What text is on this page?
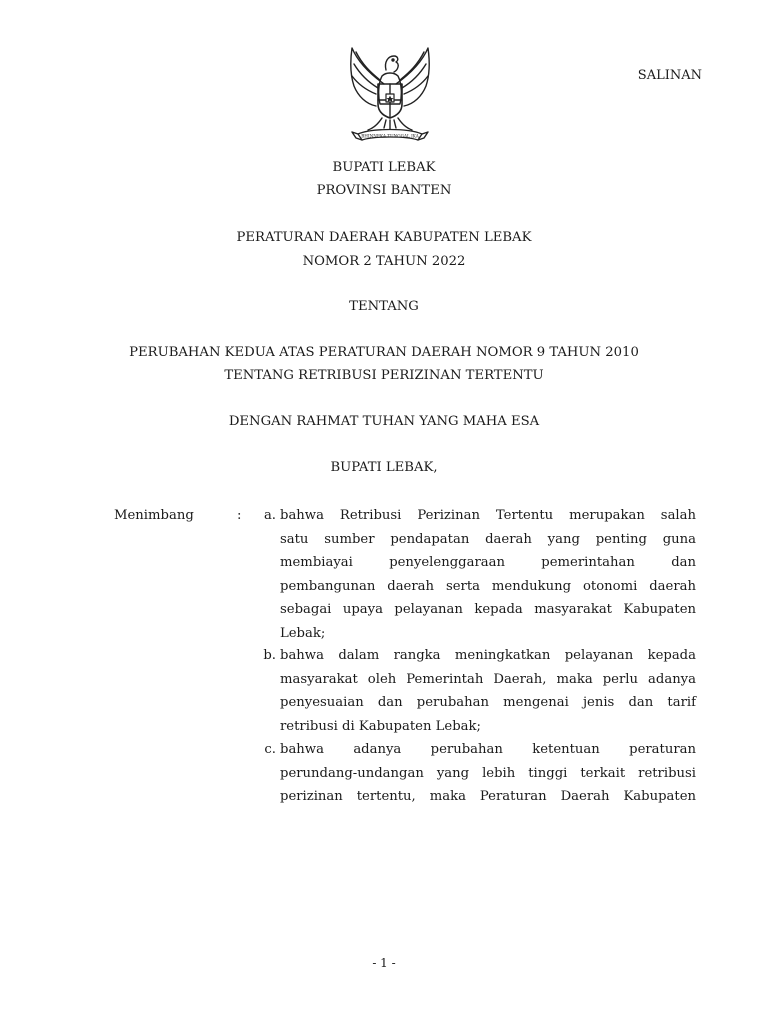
BHINNEKA TUNGGAL IKA
SALINAN
BUPATI LEBAK
PROVINSI BANTEN
PERATURAN DAERAH KABUPATEN LEBAK
NOMOR 2 TAHUN 2022
TENTANG
PERUBAHAN KEDUA ATAS PERATURAN DAERAH NOMOR 9 TAHUN 2010
TENTANG RETRIBUSI PERIZINAN TERTENTU
DENGAN RAHMAT TUHAN YANG MAHA ESA
BUPATI LEBAK,
Menimbang	:	a. bahwa Retribusi Perizinan Tertentu merupakan salah
satu sumber pendapatan daerah yang penting guna
membiayai penyelenggaraan pemerintahan dan
pembangunan daerah serta mendukung otonomi daerah
sebagai upaya pelayanan kepada masyarakat Kabupaten
Lebak;
b. bahwa dalam rangka meningkatkan pelayanan kepada
masyarakat oleh Pemerintah Daerah, maka perlu adanya
penyesuaian dan perubahan mengenai jenis dan tarif
retribusi di Kabupaten Lebak;
c. bahwa adanya perubahan ketentuan peraturan
perundang-undangan yang lebih tinggi terkait retribusi
perizinan tertentu, maka Peraturan Daerah Kabupaten
- 1 -
